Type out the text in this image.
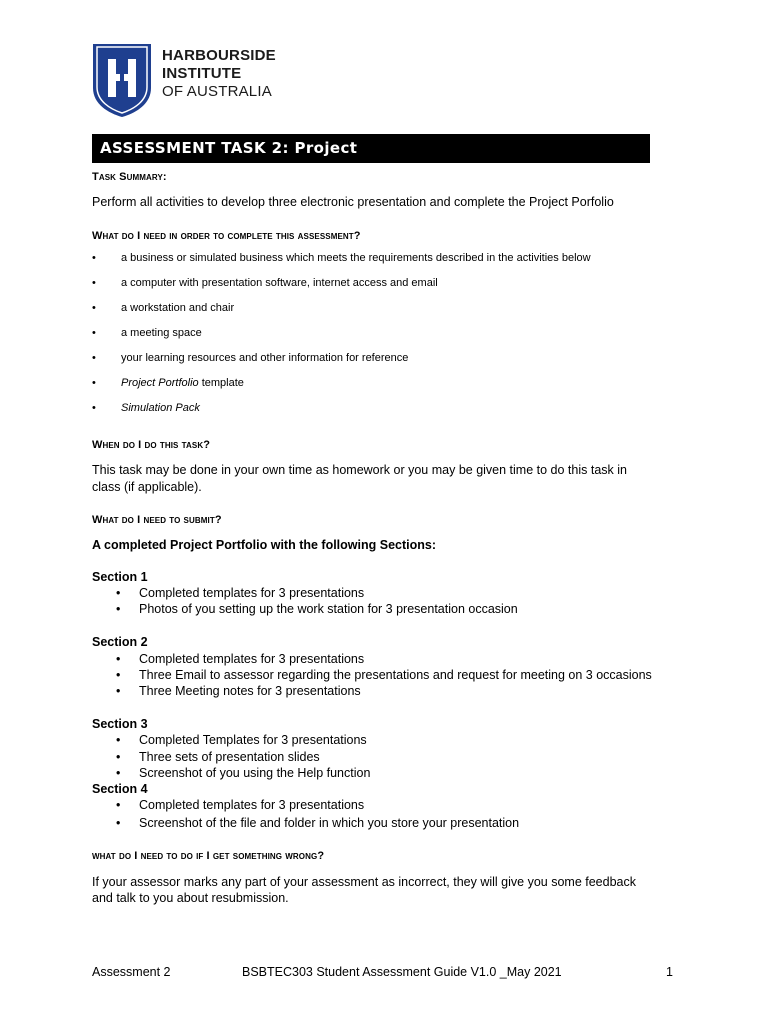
HARBOURSIDE
INSTITUTE
OF AUSTRALIA
ASSESSMENT TASK 2: Project
Task Summary:
Perform all activities to develop three electronic presentation and complete the Project Porfolio
What do I need in order to complete this assessment?
• a business or simulated business which meets the requirements described in the activities below
• a computer with presentation software, internet access and email
• a workstation and chair
• a meeting space
• your learning resources and other information for reference
• Project Portfolio template
• Simulation Pack
When do I do this task?
This task may be done in your own time as homework or you may be given time to do this task in
class (if applicable).
What do I need to submit?
A completed Project Portfolio with the following Sections:
Section 1
• Completed templates for 3 presentations
• Photos of you setting up the work station for 3 presentation occasion
Section 2
• Completed templates for 3 presentations
• Three Email to assessor regarding the presentations and request for meeting on 3 occasions
• Three Meeting notes for 3 presentations
Section 3
• Completed Templates for 3 presentations
• Three sets of presentation slides
• Screenshot of you using the Help function
Section 4
• Completed templates for 3 presentations
• Screenshot of the file and folder in which you store your presentation
what do I need to do if I get something wrong?
If your assessor marks any part of your assessment as incorrect, they will give you some feedback
and talk to you about resubmission.
Assessment 2	BSBTEC303 Student Assessment Guide V1.0 _May 2021	1
